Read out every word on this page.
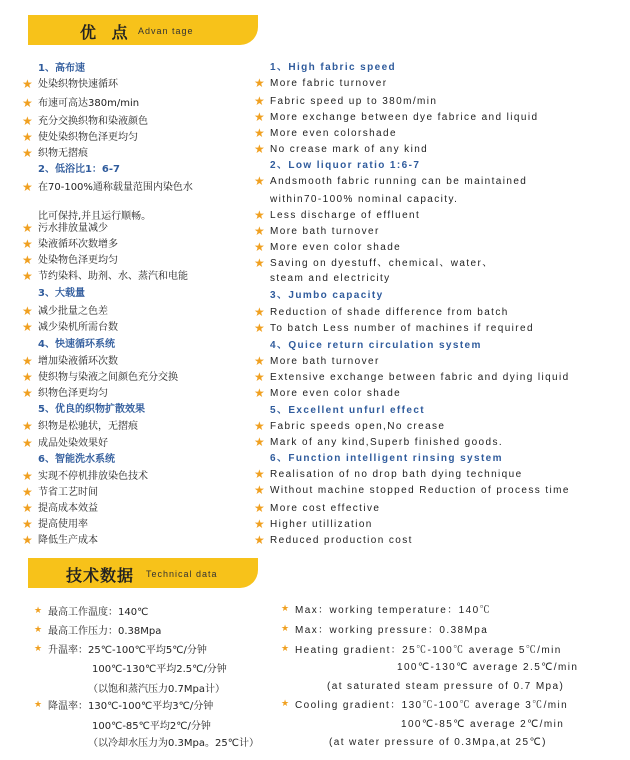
优 点 Advan tage
1、高布速
★ 处染织物快速循环
★ 布速可高达380m/min
★ 充分交换织物和染液颜色
★ 使处染织物色泽更均匀
★ 织物无摺痕
2、低浴比1：6-7
★ 在70-100%通称载量范围内染色水
比可保持,并且运行顺畅。
★ 污水排放量减少
★ 染液循环次数增多
★ 处染物色泽更均匀
★ 节约染料、助剂、水、蒸汽和电能
3、大载量
★ 减少批量之色差
★ 减少染机所需台数
4、快速循环系统
★ 增加染液循环次数
★ 使织物与染液之间颜色充分交换
★ 织物色泽更均匀
5、优良的织物扩散效果
★ 织物是松驰状，无摺痕
★ 成品处染效果好
6、智能洗水系统
★ 实现不停机排放染色技术
★ 节省工艺时间
★ 提高成本效益
★ 提高使用率
★ 降低生产成本
1、High fabric speed
★ More fabric turnover
★ Fabric speed up to 380m/min
★ More exchange between dye fabrice and liquid
★ More even colorshade
★ No crease mark of any kind
2、Low liquor ratio 1:6-7
★ Andsmooth fabric running can be maintained
within70-100% nominal capacity.
★ Less discharge of effluent
★ More bath turnover
★ More even color shade
★ Saving on dyestuff、chemical、water、
steam and electricity
3、Jumbo capacity
★ Reduction of shade difference from batch
★ To batch Less number of machines if required
4、Quice return circulation system
★ More bath turnover
★ Extensive exchange between fabric and dying liquid
★ More even color shade
5、Excellent unfurl effect
★ Fabric speeds open,No crease
★ Mark of any kind,Superb finished goods.
6、Function intelligent rinsing system
★ Realisation of no drop bath dying technique
★ Without machine stopped Reduction of process time
★ More cost effective
★ Higher utillization
★ Reduced production cost
技术数据 Technical data
★ 最高工作温度：140℃
★ 最高工作压力：0.38Mpa
★ 升温率：25℃-100℃平均5℃/分钟
100℃-130℃平均2.5℃/分钟
（以饱和蒸汽压力0.7Mpa计）
★ 降温率：130℃-100℃平均3℃/分钟
100℃-85℃平均2℃/分钟
（以冷却水压力为0.3Mpa。25℃计）
★ Max：working temperature：140℃
★ Max：working pressure：0.38Mpa
★ Heating gradient：25℃-100℃ average 5℃/min
100℃-130℃ average 2.5℃/min
(at saturated steam pressure of 0.7 Mpa)
★ Cooling gradient：130℃-100℃ average 3℃/min
100℃-85℃ average 2℃/min
(at water pressure of 0.3Mpa,at 25℃)
